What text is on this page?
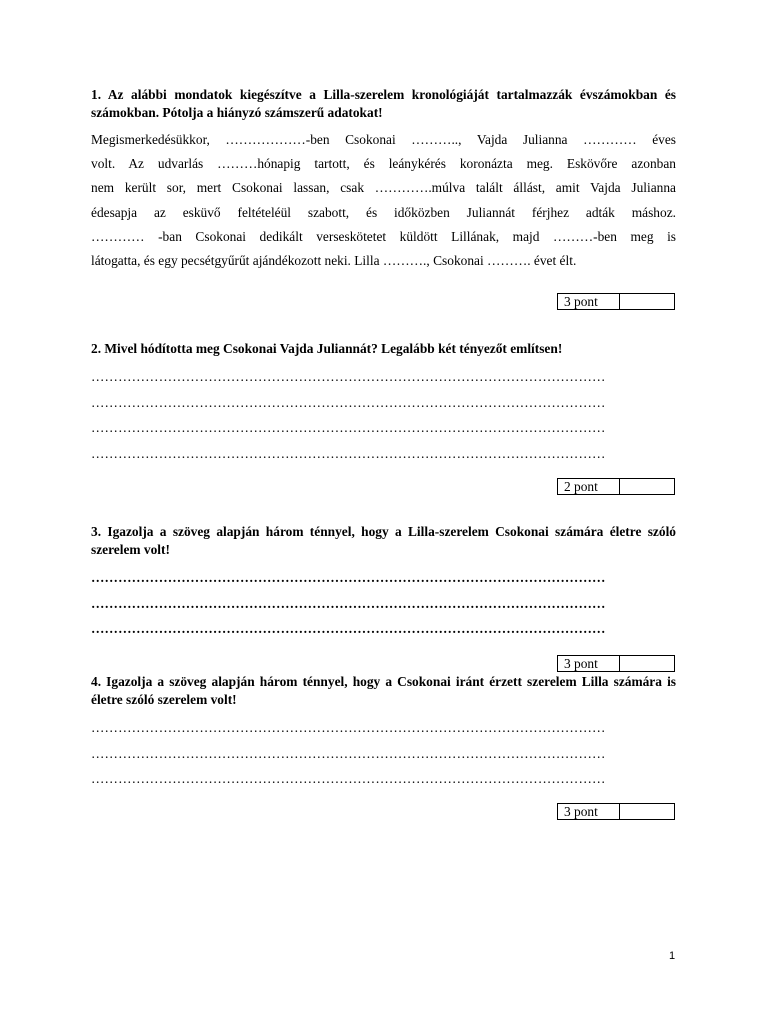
1. Az alábbi mondatok kiegészítve a Lilla-szerelem kronológiáját tartalmazzák évszámokban és számokban. Pótolja a hiányzó számszerű adatokat!
Megismerkedésükkor, ………………-ben Csokonai ……….., Vajda Julianna ………… éves
volt. Az udvarlás ………hónapig tartott, és leánykérés koronázta meg. Eskövőre azonban
nem került sor, mert Csokonai lassan, csak ………….múlva talált állást, amit Vajda Julianna
édesapja az esküvő feltételéül szabott, és időközben Juliannát férjhez adták máshoz.
………… -ban Csokonai dedikált verseskötetet küldött Lillának, majd ………-ben meg is
látogatta, és egy pecsétgyűrűt ajándékozott neki. Lilla ………., Csokonai ………. évet élt.
3 pont
2. Mivel hódította meg Csokonai Vajda Juliannát? Legalább két tényezőt említsen!
……………………………………………………………………………………………………
……………………………………………………………………………………………………
……………………………………………………………………………………………………
……………………………………………………………………………………………………
2 pont
3. Igazolja a szöveg alapján három ténnyel, hogy a Lilla-szerelem Csokonai számára életre szóló szerelem volt!
……………………………………………………………………………………………………
……………………………………………………………………………………………………
……………………………………………………………………………………………………
3 pont
4. Igazolja a szöveg alapján három ténnyel, hogy a Csokonai iránt érzett szerelem Lilla számára is életre szóló szerelem volt!
……………………………………………………………………………………………………
……………………………………………………………………………………………………
……………………………………………………………………………………………………
3 pont
1
